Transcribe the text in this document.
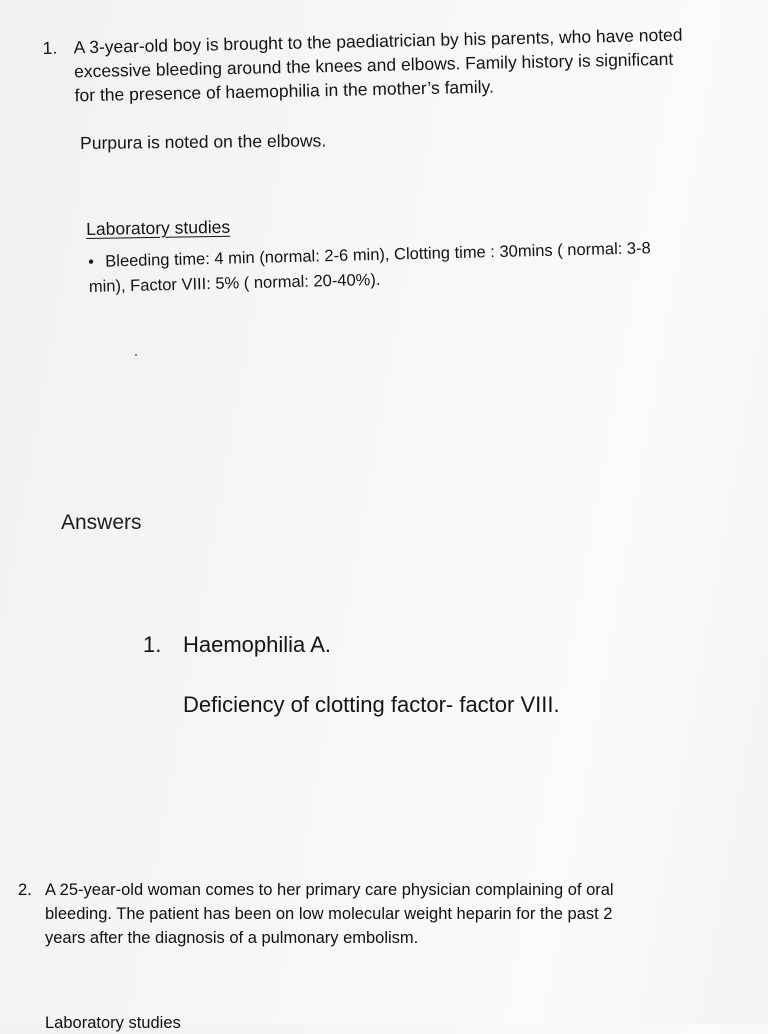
1. A 3-year-old boy is brought to the paediatrician by his parents, who have noted
excessive bleeding around the knees and elbows. Family history is significant
for the presence of haemophilia in the mother’s family.
Purpura is noted on the elbows.
Laboratory studies
• Bleeding time: 4 min (normal: 2-6 min), Clotting time : 30mins ( normal: 3-8
min), Factor VIII: 5% ( normal: 20-40%).
Answers
1. Haemophilia A.
Deficiency of clotting factor- factor VIII.
2. A 25-year-old woman comes to her primary care physician complaining of oral
bleeding. The patient has been on low molecular weight heparin for the past 2
years after the diagnosis of a pulmonary embolism.
Laboratory studies
